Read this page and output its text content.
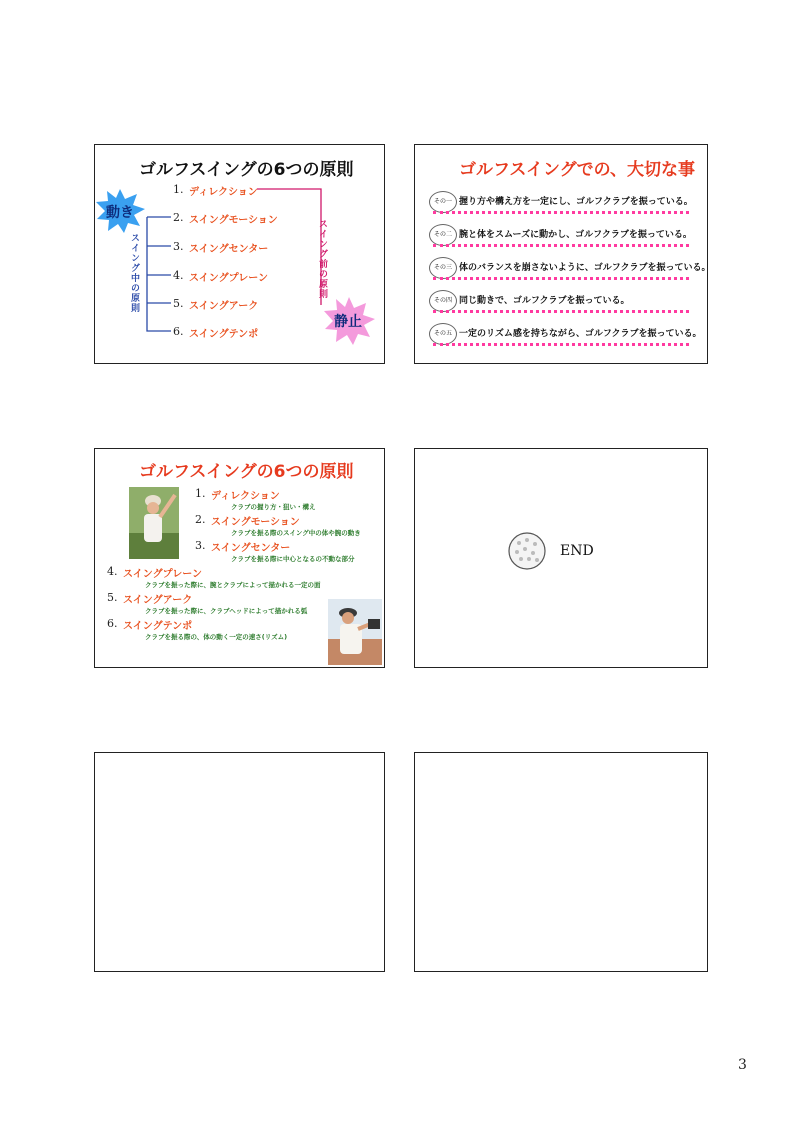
ゴルフスイングの6つの原則
動き
静止
スイング中の原則	スイング前の原則
1. ディレクション
2. スイングモーション
3. スイングセンター
4. スイングプレーン
5. スイングアーク
6. スイングテンポ
ゴルフスイングでの、大切な事
その一 握り方や構え方を一定にし、ゴルフクラブを振っている。
その二 腕と体をスムーズに動かし、ゴルフクラブを振っている。
その三 体のバランスを崩さないように、ゴルフクラブを振っている。
その四 同じ動きで、ゴルフクラブを振っている。
その五 一定のリズム感を持ちながら、ゴルフクラブを振っている。
ゴルフスイングの6つの原則
1. ディレクション
クラブの握り方・狙い・構え
2. スイングモーション
クラブを振る際のスイング中の体や腕の動き
3. スイングセンター
クラブを振る際に中心となるの不動な部分
4. スイングプレーン
クラブを振った際に、腕とクラブによって描かれる一定の面
5. スイングアーク
クラブを振った際に、クラブヘッドによって描かれる弧
6. スイングテンポ
クラブを振る際の、体の動く一定の速さ(リズム)
END
3
